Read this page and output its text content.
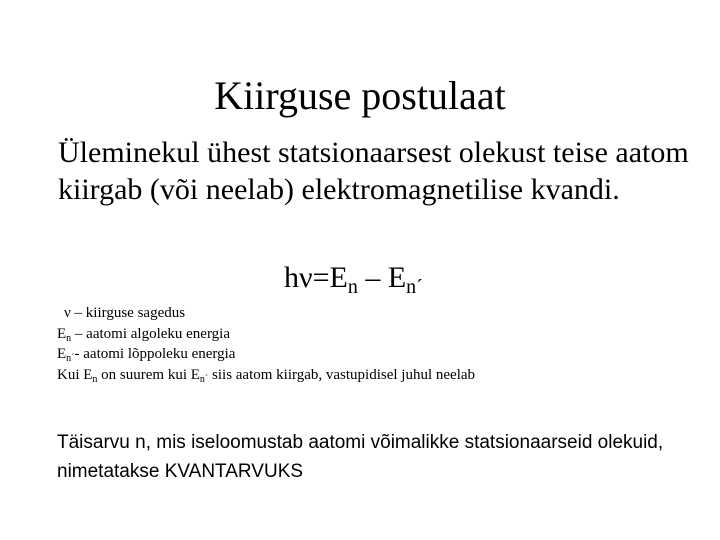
Kiirguse postulaat
Üleminekul ühest statsionaarsest olekust teise aatom kiirgab (või neelab) elektromagnetilise kvandi.
$h\nu=E_n - E_{n´}$
ν – kiirguse sagedus
$E_n$ – aatomi algoleku energia
$E_{n´}-$ aatomi lõppoleku energia
Kui $E_n$ on suurem kui $E_{n´}$ siis aatom kiirgab, vastupidisel juhul neelab
Täisarvu n, mis iseloomustab aatomi võimalikke statsionaarseid olekuid, nimetatakse KVANTARVUKS
